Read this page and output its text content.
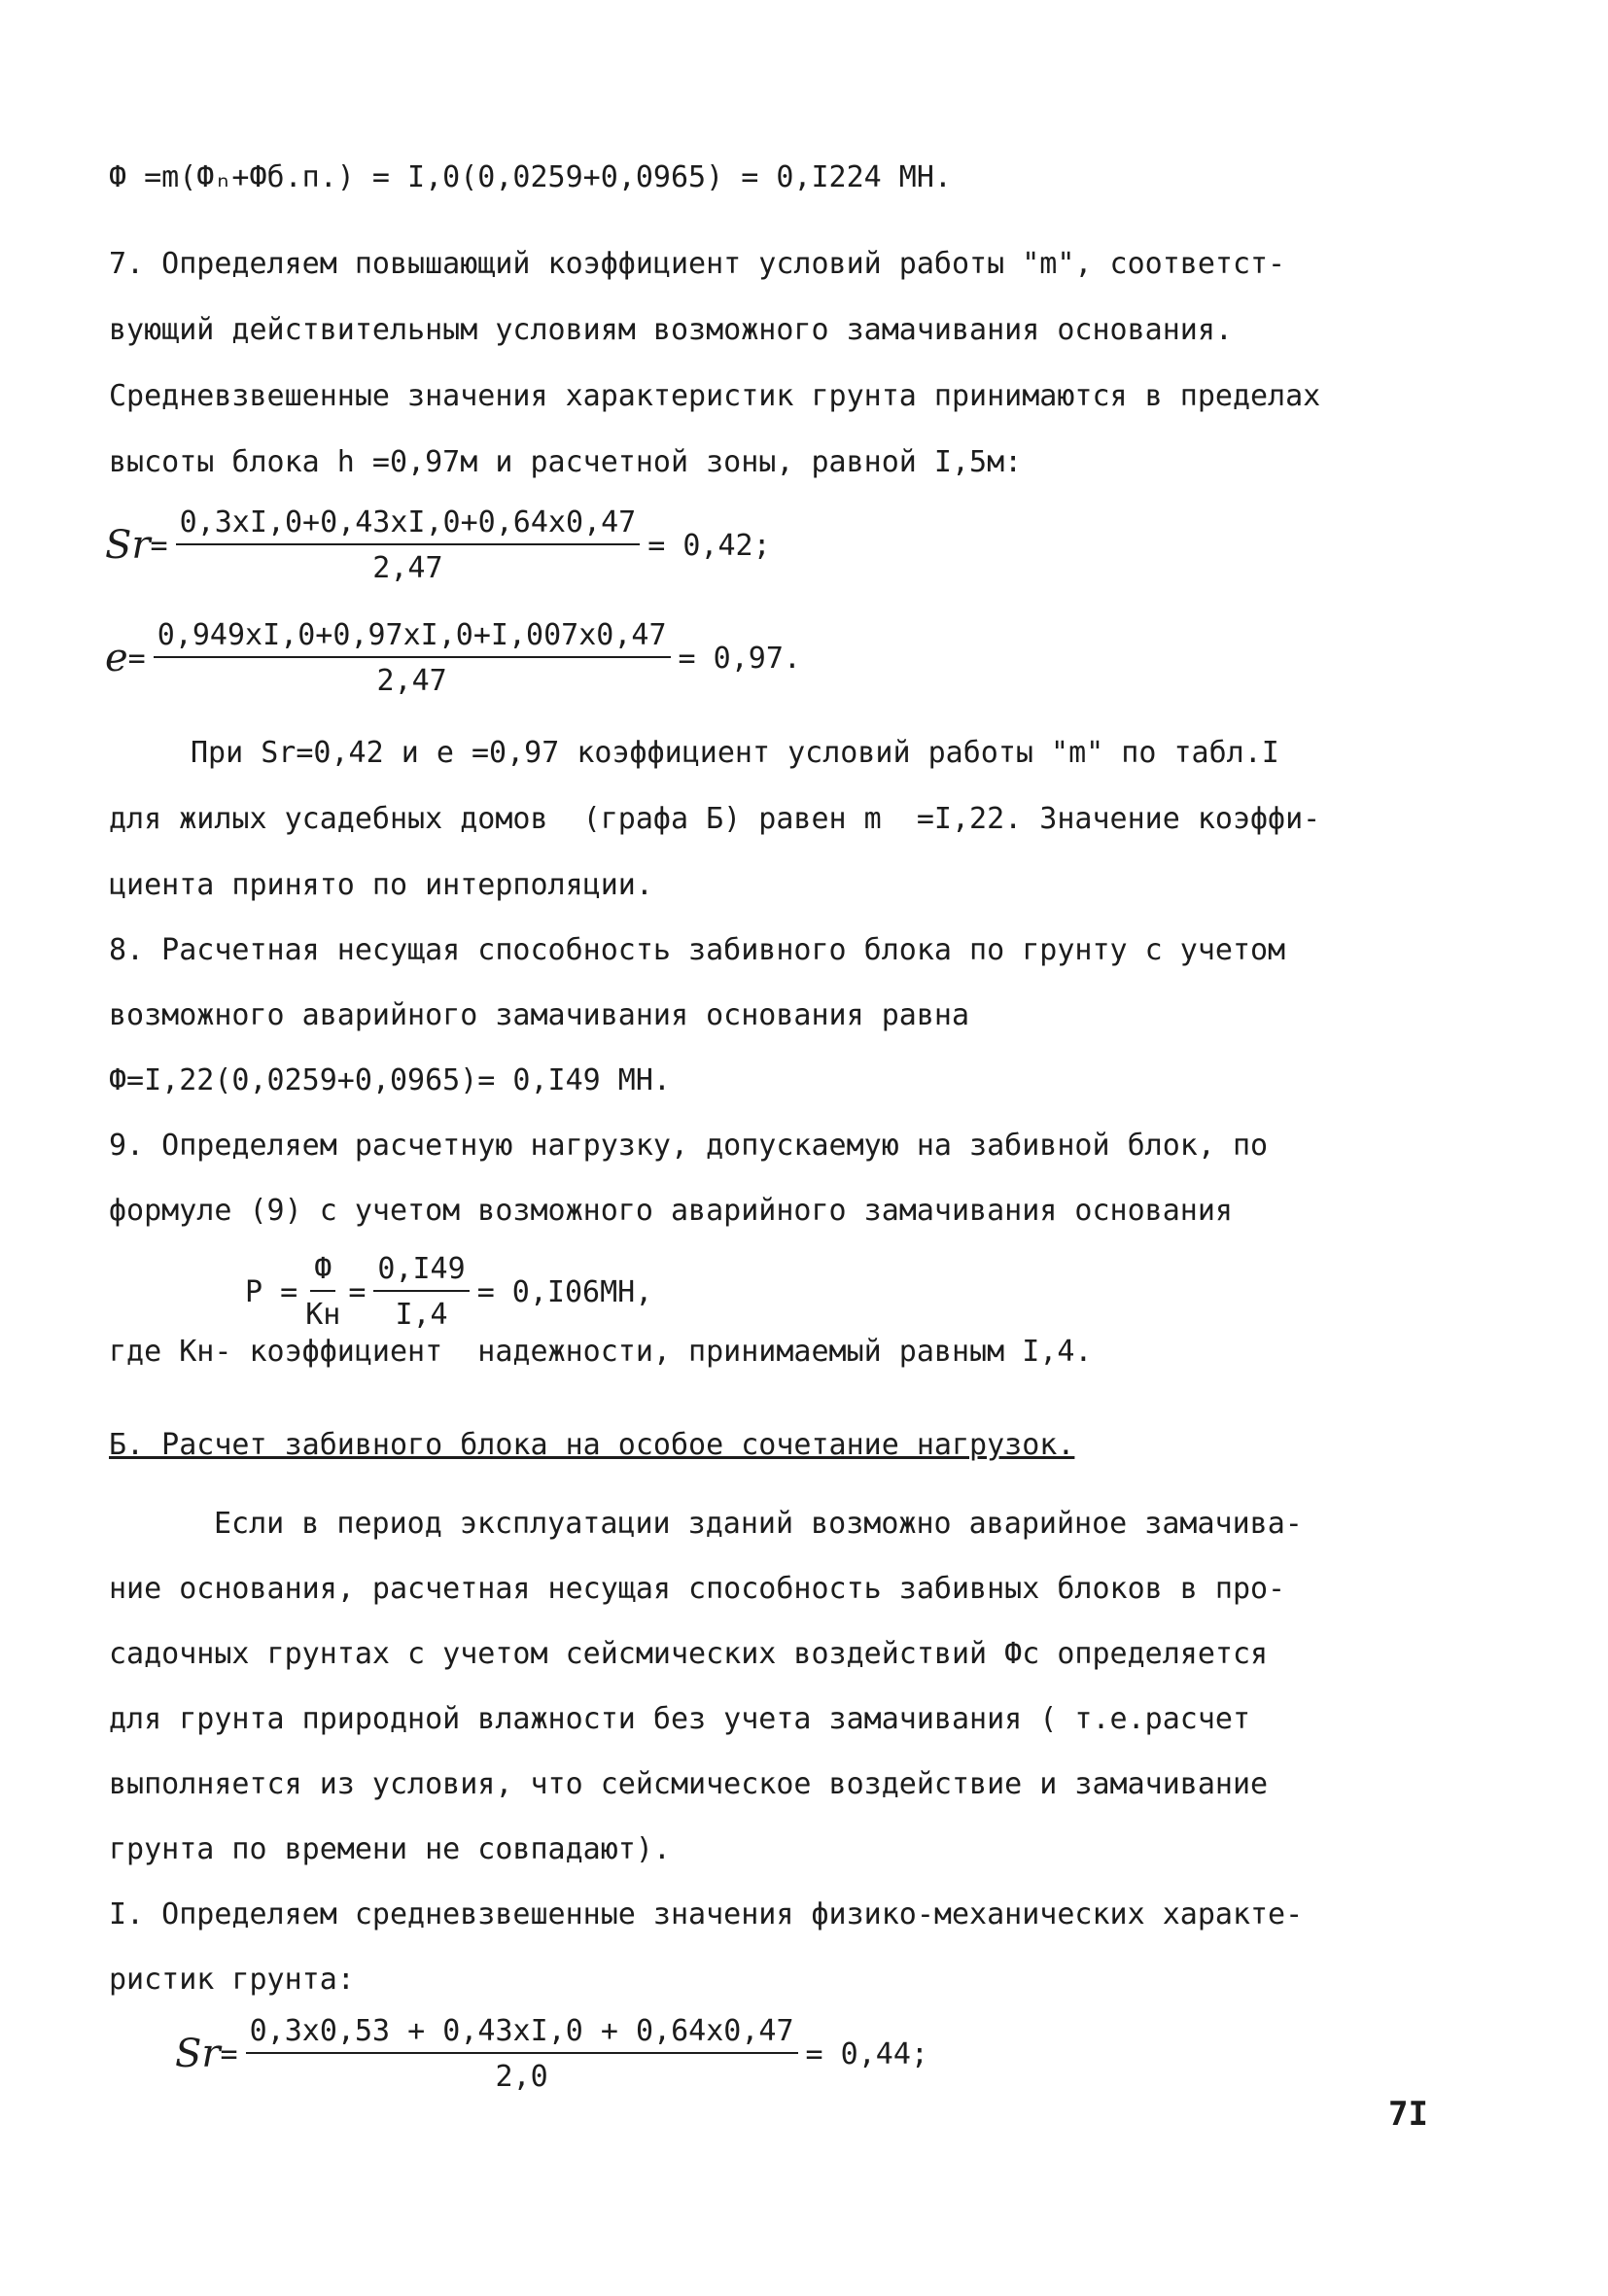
Ф =m(Фₙ+Фб.п.) = I,0(0,0259+0,0965) = 0,I224 МН.
7. Определяем повышающий коэффициент условий работы "m", соответст-
вующий действительным условиям возможного замачивания основания.
Средневзвешенные значения характеристик грунта принимаются в пределах
высоты блока h =0,97м и расчетной зоны, равной I,5м:
$Sr = \frac{0,3xI,0+0,43xI,0+0,64x0,47}{2,47} = 0,42$;
$e = \frac{0,949xI,0+0,97xI,0+I,007x0,47}{2,47} = 0,97$.
При Sr=0,42 и e =0,97 коэффициент условий работы "m" по табл.I
для жилых усадебных домов  (графа Б) равен m  =I,22. Значение коэффи-
циента принято по интерполяции.
8. Расчетная несущая способность забивного блока по грунту с учетом
возможного аварийного замачивания основания равна
Ф=I,22(0,0259+0,0965)= 0,I49 МН.
9. Определяем расчетную нагрузку, допускаемую на забивной блок, по
формуле (9) с учетом возможного аварийного замачивания основания
$P = \frac{Ф}{Kн} = \frac{0,I49}{I,4} = 0,I06МН$,
где Kн- коэффициент  надежности, принимаемый равным I,4.
Б. Расчет забивного блока на особое сочетание нагрузок.
Если в период эксплуатации зданий возможно аварийное замачива-
ние основания, расчетная несущая способность забивных блоков в про-
садочных грунтах с учетом сейсмических воздействий Фс определяется
для грунта природной влажности без учета замачивания ( т.е.расчет
выполняется из условия, что сейсмическое воздействие и замачивание
грунта по времени не совпадают).
I. Определяем средневзвешенные значения физико-механических характе-
ристик грунта:
$Sr = \frac{0,3x0,53 + 0,43xI,0 + 0,64x0,47}{2,0} = 0,44$;
7I
